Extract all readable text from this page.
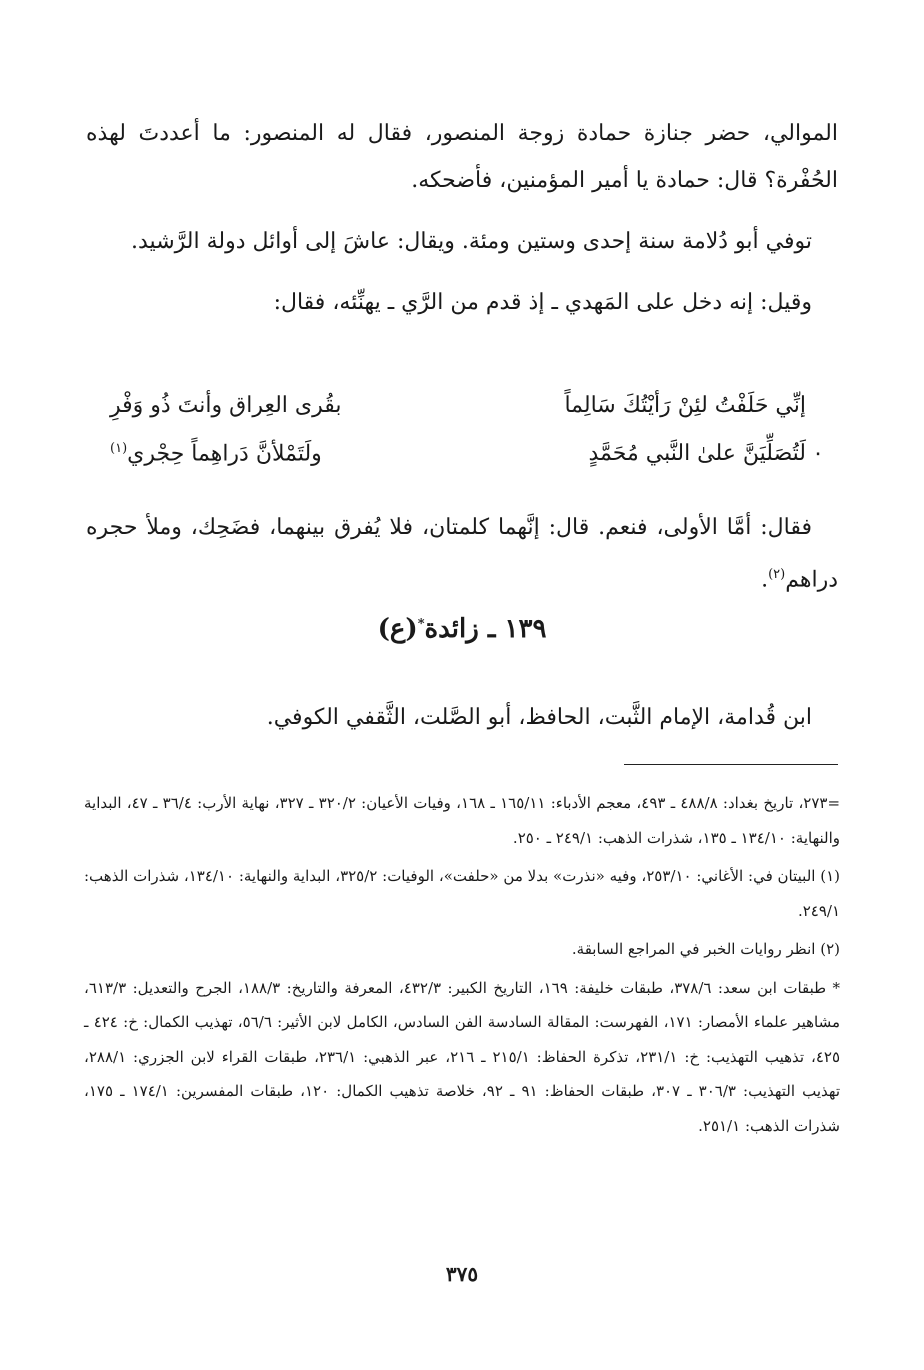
الموالي، حضر جنازة حمادة زوجة المنصور، فقال له المنصور: ما أعددتَ لهذه الحُفْرة؟ قال: حمادة يا أمير المؤمنين، فأضحكه.

توفي أبو دُلامة سنة إحدى وستين ومئة. ويقال: عاشَ إلى أوائل دولة الرَّشيد.

وقيل: إنه دخل على المَهدي ـ إذ قدم من الرَّي ـ يهنِّئه، فقال:

إنِّي حَلَفْتُ لئِنْ رَأيْتُكَ سَالِماً
بقُرى العِراق وأنتَ ذُو وَفْرِ
٠
لَتُصَلِّيَنَّ علىٰ النَّبي مُحَمَّدٍ
ولَتَمْلأنَّ دَراهِماً حِجْري$^{(١)}$

فقال: أمَّا الأولى، فنعم. قال: إنَّهما كلمتان، فلا يُفرق بينهما، فضَحِك، وملأ حجره دراهم$^{(٢)}$.

١٣٩ ـ زائدة*(ع)

ابن قُدامة، الإمام الثَّبت، الحافظ، أبو الصَّلت، الثَّقفي الكوفي.

=٢٧٣، تاريخ بغداد: ٤٨٨/٨ ـ ٤٩٣، معجم الأدباء: ١٦٥/١١ ـ ١٦٨، وفيات الأعيان: ٣٢٠/٢ ـ ٣٢٧، نهاية الأرب: ٣٦/٤ ـ ٤٧، البداية والنهاية: ١٣٤/١٠ ـ ١٣٥، شذرات الذهب: ٢٤٩/١ ـ ٢٥٠.

(١) البيتان في: الأغاني: ٢٥٣/١٠، وفيه «نذرت» بدلا من «حلفت»، الوفيات: ٣٢٥/٢، البداية والنهاية: ١٣٤/١٠، شذرات الذهب: ٢٤٩/١.

(٢) انظر روايات الخبر في المراجع السابقة.

* طبقات ابن سعد: ٣٧٨/٦، طبقات خليفة: ١٦٩، التاريخ الكبير: ٤٣٢/٣، المعرفة والتاريخ: ١٨٨/٣، الجرح والتعديل: ٦١٣/٣، مشاهير علماء الأمصار: ١٧١، الفهرست: المقالة السادسة الفن السادس، الكامل لابن الأثير: ٥٦/٦، تهذيب الكمال: خ: ٤٢٤ ـ ٤٢٥، تذهيب التهذيب: خ: ٢٣١/١، تذكرة الحفاظ: ٢١٥/١ ـ ٢١٦، عبر الذهبي: ٢٣٦/١، طبقات القراء لابن الجزري: ٢٨٨/١، تهذيب التهذيب: ٣٠٦/٣ ـ ٣٠٧، طبقات الحفاظ: ٩١ ـ ٩٢، خلاصة تذهيب الكمال: ١٢٠، طبقات المفسرين: ١٧٤/١ ـ ١٧٥، شذرات الذهب: ٢٥١/١.

٣٧٥
